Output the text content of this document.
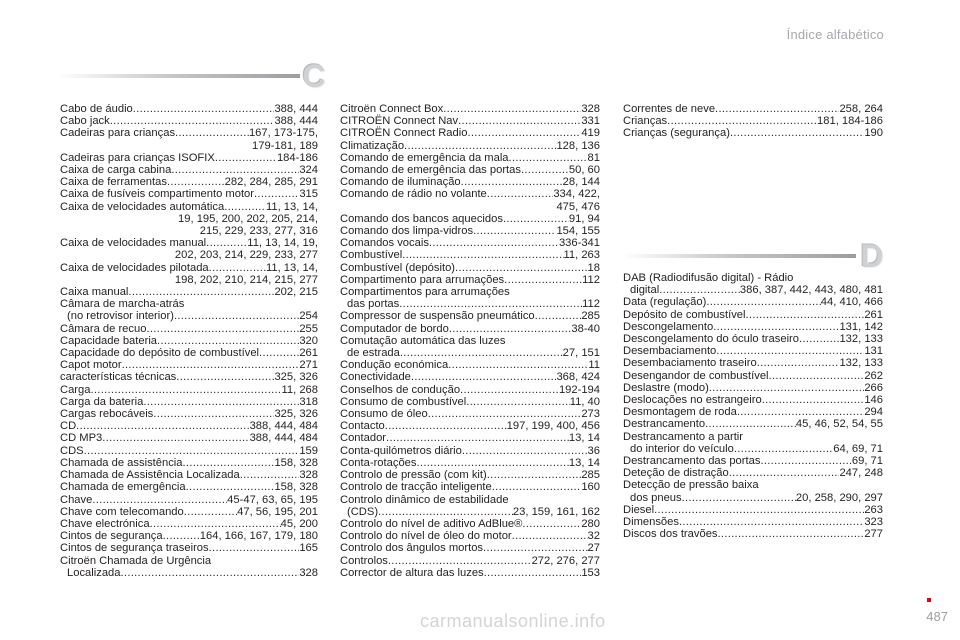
Índice alfabético
C
D
Cabo de áudio .....	388, 444
Cabo jack .....	388, 444
Cadeiras para crianças .....	167, 173-175,
179-181, 189
Cadeiras para crianças ISOFIX .....	184-186
Caixa de carga cabina .....	324
Caixa de ferramentas .....	282, 284, 285, 291
Caixa de fusíveis compartimento motor .....	315
Caixa de velocidades automática .....	11, 13, 14,
19, 195, 200, 202, 205, 214,
215, 229, 233, 277, 316
Caixa de velocidades manual .....	11, 13, 14, 19,
202, 203, 214, 229, 233, 277
Caixa de velocidades pilotada .....	11, 13, 14,
198, 202, 210, 214, 215, 277
Caixa manual .....	202, 215
Câmara de marcha-atrás
(no retrovisor interior) .....	254
Câmara de recuo .....	255
Capacidade bateria .....	320
Capacidade do depósito de combustível .....	261
Capot motor .....	271
características técnicas .....	325, 326
Carga .....	11, 268
Carga da bateria .....	318
Cargas rebocáveis .....	325, 326
CD .....	388, 444, 484
CD MP3 .....	388, 444, 484
CDS .....	159
Chamada de assistência .....	158, 328
Chamada de Assistência Localizada .....	328
Chamada de emergência .....	158, 328
Chave .....	45-47, 63, 65, 195
Chave com telecomando .....	47, 56, 195, 201
Chave electrónica .....	45, 200
Cintos de segurança .....	164, 166, 167, 179, 180
Cintos de segurança traseiros .....	165
Citroën Chamada de Urgência
Localizada .....	328
Citroën Connect Box .....	328
CITROËN Connect Nav .....	331
CITROËN Connect Radio .....	419
Climatização .....	128, 136
Comando de emergência da mala .....	81
Comando de emergência das portas .....	50, 60
Comando de iluminação .....	28, 144
Comando de rádio no volante .....	334, 422,
475, 476
Comando dos bancos aquecidos .....	91, 94
Comando dos limpa-vidros .....	154, 155
Comandos vocais .....	336-341
Combustível .....	11, 263
Combustível (depósito) .....	18
Compartimento para arrumações .....	112
Compartimentos para arrumações
das portas .....	112
Compressor de suspensão pneumático .....	285
Computador de bordo .....	38-40
Comutação automática das luzes
de estrada .....	27, 151
Condução económica .....	11
Conectividade .....	368, 424
Conselhos de condução .....	192-194
Consumo de combustível .....	11, 40
Consumo de óleo .....	273
Contacto .....	197, 199, 400, 456
Contador .....	13, 14
Conta-quilómetros diário .....	36
Conta-rotações .....	13, 14
Controlo de pressão (com kit) .....	285
Controlo de tracção inteligente .....	160
Controlo dinâmico de estabilidade
(CDS) .....	23, 159, 161, 162
Controlo do nível de aditivo AdBlue® .....	280
Controlo do nível de óleo do motor .....	32
Controlo dos ângulos mortos .....	27
Controlos .....	272, 276, 277
Corrector de altura das luzes .....	153
Correntes de neve .....	258, 264
Crianças .....	181, 184-186
Crianças (segurança) .....	190
DAB (Radiodifusão digital) - Rádio
digital .....	386, 387, 442, 443, 480, 481
Data (regulação) .....	44, 410, 466
Depósito de combustível .....	261
Descongelamento .....	131, 142
Descongelamento do óculo traseiro .....	132, 133
Desembaciamento .....	131
Desembaciamento traseiro .....	132, 133
Desengandor de combustível .....	262
Deslastre (modo) .....	266
Deslocações no estrangeiro .....	146
Desmontagem de roda .....	294
Destrancamento .....	45, 46, 52, 54, 55
Destrancamento a partir
do interior do veículo .....	64, 69, 71
Destrancamento das portas .....	69, 71
Deteção de distração .....	247, 248
Detecção de pressão baixa
dos pneus .....	20, 258, 290, 297
Diesel .....	263
Dimensões .....	323
Discos dos travões .....	277
487
carmanualsonline.info
